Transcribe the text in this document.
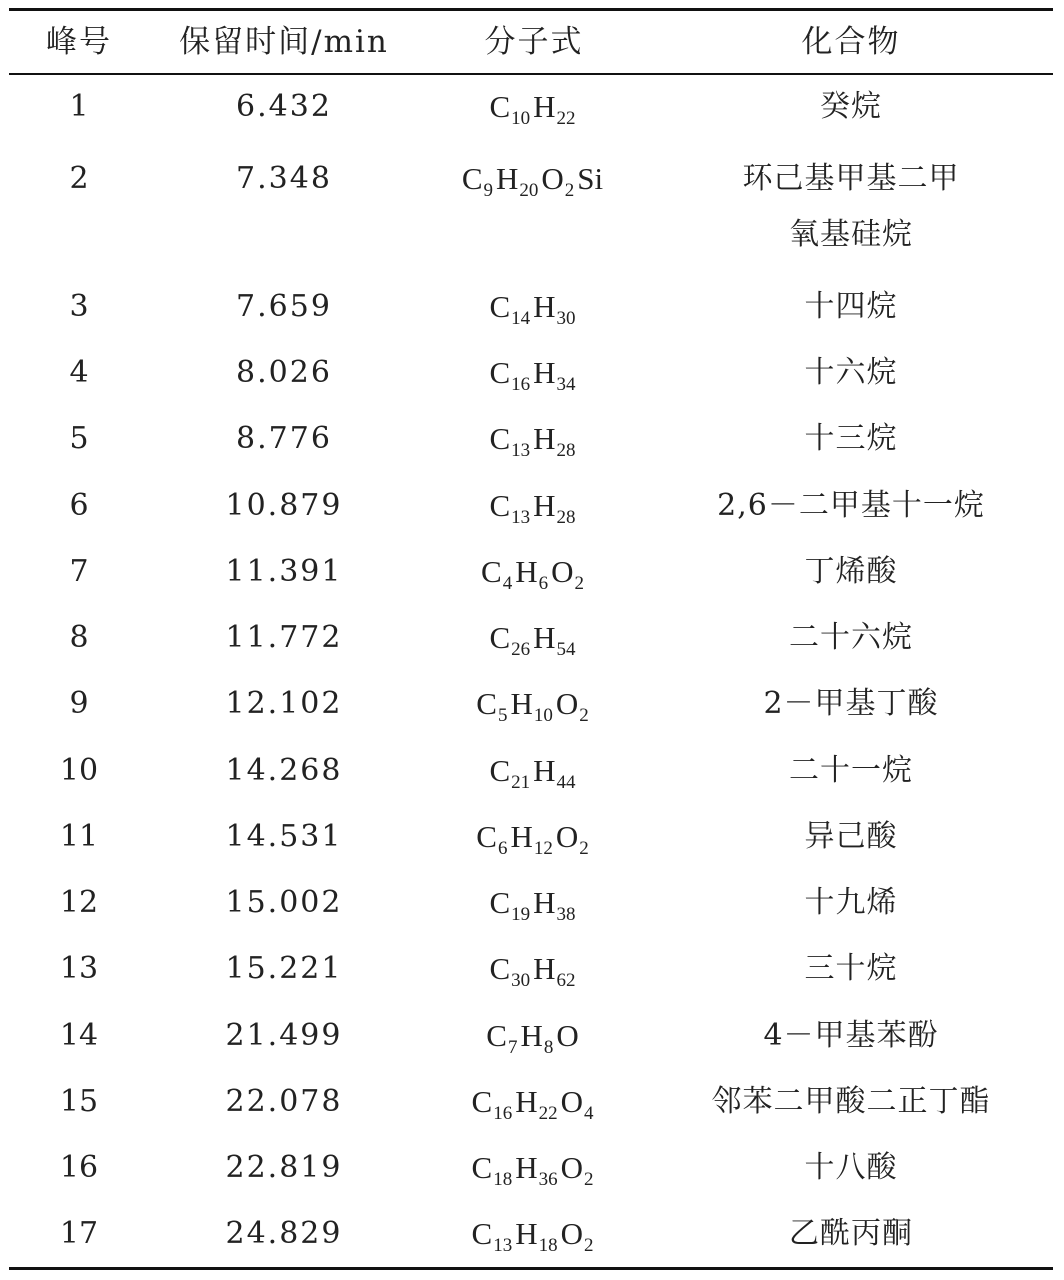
峰号	保留时间/min	分子式	化合物
1	6.432	$C_{10}H_{22}$	癸烷
2	7.348	$C_9H_{20}O_2Si$	环己基甲基二甲
氧基硅烷
3	7.659	$C_{14}H_{30}$	十四烷
4	8.026	$C_{16}H_{34}$	十六烷
5	8.776	$C_{13}H_{28}$	十三烷
6	10.879	$C_{13}H_{28}$	2,6－二甲基十一烷
7	11.391	$C_4H_6O_2$	丁烯酸
8	11.772	$C_{26}H_{54}$	二十六烷
9	12.102	$C_5H_{10}O_2$	2－甲基丁酸
10	14.268	$C_{21}H_{44}$	二十一烷
11	14.531	$C_6H_{12}O_2$	异己酸
12	15.002	$C_{19}H_{38}$	十九烯
13	15.221	$C_{30}H_{62}$	三十烷
14	21.499	$C_7H_8O$	4－甲基苯酚
15	22.078	$C_{16}H_{22}O_4$	邻苯二甲酸二正丁酯
16	22.819	$C_{18}H_{36}O_2$	十八酸
17	24.829	$C_{13}H_{18}O_2$	乙酰丙酮
